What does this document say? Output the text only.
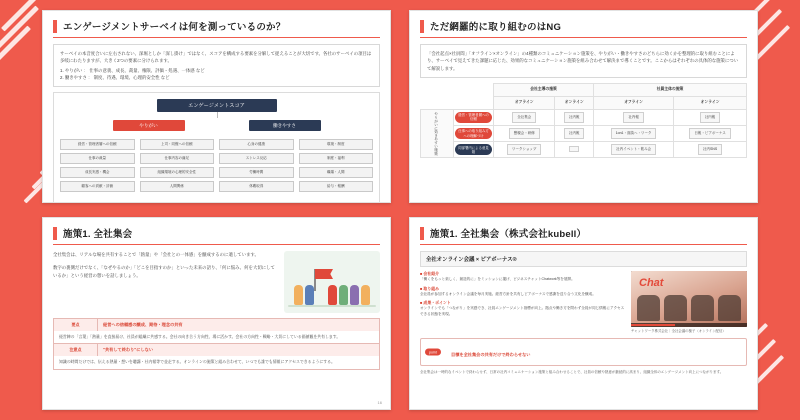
エンゲージメントサーベイは何を測っているのか？
サーベイの本音度合いに左右されない、深堀としか「深し掛け」ではなく、スコアを構成する要素を分解して捉えることが大切です。各社のサーベイの項目は多岐にわたりますが、大きく2つの要素に分けられます。
1. やりがい ： 仕事の意義、成長、裁量、権限、評価・処遇、一体感 など
2. 働きやすさ ： 制度、待遇、環境、心理的安全性 など
エンゲージメントスコア
やりがい	働きやすさ
経営・管理者層への信頼
仕事の裁量
成長実感・機会
顧客への貢献・評価
上司・同僚への信頼
仕事内容の満足
組織環境の心理的安全性
人間関係
心身の健康
ストレス反応
労働時間
休暇取得
環境・制度
制度・福利
職場・人間
給与・報酬
ただ網羅的に取り組むのはNG
「会社起点×社員間」「オフライン×オンライン」の4種類のコミュニケーション施策を、やりがい・働きやすさのどちらに効くかを整理的に取り組むことにより、サーベイで見えてきた課題に応じた、効果的なコミュニケーション施策を組み合わせて解決まで導くことです。ここからはそれぞれの具体的な施策について解説します。
		会社主導の施策		社員主体の施策	
		オフライン	オンライン	オフライン	オンライン
やりがいに効きやすい施策	経営・管理者層への信頼	全社集会	社内報	社内報	社内報
	仕事への取り組み方への理解づけ	懇親会・研修	社内報	1on1・面談ヘ・ワーク	日報・ピアボーナス
	同部署内による意見箱	ワークショップ		社内イベント・飲み会	社内SNS
施策1. 全社集会
全社集会は、リアルな場を共有することで「熱量」や「会社との一体感」を醸成するのに適しています。
数字の裏側だけでなく、「なぜやるのか」「どこを目指すのか」といった未来の語り、「何に悩み、何を大切にしているか」という経営の想いを話しましょう。
要点	経営への信頼感の醸成、期待・理念の共有
経営陣の「言葉」「熱量」を直接届け、社員が組織に共感する。会社の向き合う方向性、場に活かす。会社の方向性・戦略・大切にしている価値観を共有します。
注意点	"共有して終わり"にしない
知識の時間だけでは、伝える熱量・想いを聴講・社内報等で並走する。オンラインの施策と組み合わせて、いつでも誰でも情報にアクセスできるようにする。
16
施策1. 全社集会（株式会社kubell）
全社オンライン会議 × ピアボーナス®
■ 会社紹介
「働くをもっと楽しく、創造的に」をミッションに掲げ、ビジネスチャットChatwork等を展開。
■ 取り組み
全社員が参加するオンライン会議を毎月実施。経営方針を共有しピアボーナスで感謝を送り合う文化を醸成。
■ 成果・ポイント
オンラインでも「つながり」を実感でき、社員エンゲージメント指標が向上。拠点や働き方を問わず全員が同じ情報にアクセスできる状態を実現。
Chat
チャットワーク株式会社｜全社会議の様子（オンライン配信）
point	目標を全社集会の共有だけで終わらせない
全社集会は一時的なイベントで終わらせず、日常の社内コミュニケーション施策と組み合わせることで、社員の信頼や熱意が継続的に高まり、組織全体のエンゲージメント向上につながります。
